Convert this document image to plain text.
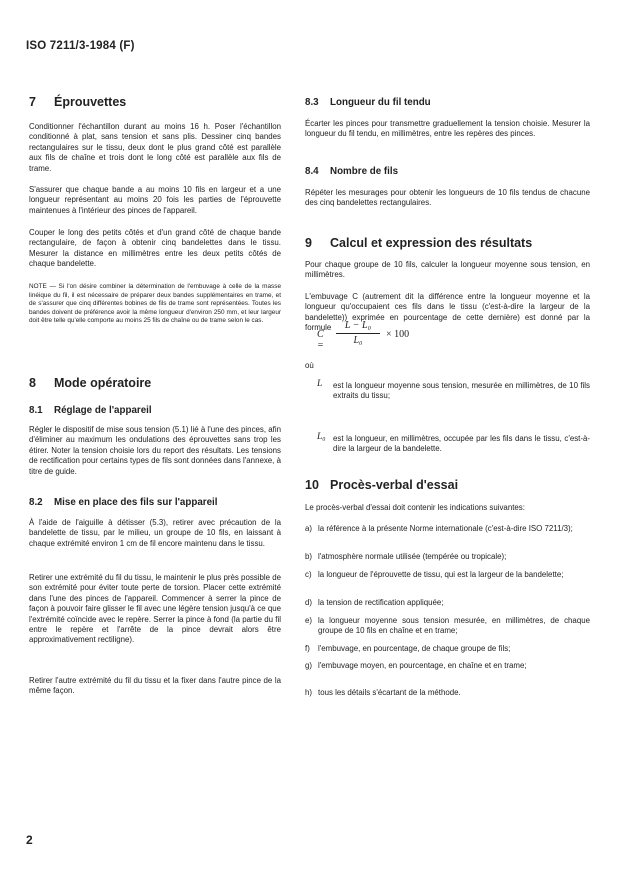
ISO 7211/3-1984 (F)
7 Éprouvettes

Conditionner l'échantillon durant au moins 16 h. Poser l'échantillon conditionné à plat, sans tension et sans plis. Dessiner cinq bandes rectangulaires sur le tissu, deux dont le plus grand côté est parallèle aux fils de chaîne et trois dont le long côté est parallèle aux fils de trame.

S'assurer que chaque bande a au moins 10 fils en largeur et a une longueur représentant au moins 20 fois les parties de l'éprouvette maintenues à l'intérieur des pinces de l'appareil.

Couper le long des petits côtés et d'un grand côté de chaque bande rectangulaire, de façon à obtenir cinq bandelettes dans le tissu. Mesurer la distance en millimètres entre les deux petits côtés de chaque bandelette.

NOTE — Si l'on désire combiner la détermination de l'embuvage à celle de la masse linéique du fil, il est nécessaire de préparer deux bandes supplémentaires en trame, et de s'assurer que cinq différentes bobines de fils de trame sont représentées. Toutes les bandes doivent de préférence avoir la même longueur d'environ 250 mm, et leur largeur doit être telle qu'elle comporte au moins 25 fils de chaîne ou de trame selon le cas.

8 Mode opératoire
8.1 Réglage de l'appareil

Régler le dispositif de mise sous tension (5.1) lié à l'une des pinces, afin d'éliminer au maximum les ondulations des éprouvettes sans trop les étirer. Noter la tension choisie lors du report des résultats. Les tensions de rectification pour certains types de fils sont données dans l'annexe, à titre de guide.

8.2 Mise en place des fils sur l'appareil

À l'aide de l'aiguille à détisser (5.3), retirer avec précaution de la bandelette de tissu, par le milieu, un groupe de 10 fils, en laissant à chaque extrémité environ 1 cm de fil encore maintenu dans le tissu.

Retirer une extrémité du fil du tissu, le maintenir le plus près possible de son extrémité pour éviter toute perte de torsion. Placer cette extrémité dans l'une des pinces de l'appareil. Commencer à serrer la pince de façon à pouvoir faire glisser le fil avec une légère tension jusqu'à ce que l'extrémité coïncide avec le repère. Serrer la pince à fond (la partie du fil entre le repère et l'arrête de la pince devrait alors être approximativement rectiligne).

Retirer l'autre extrémité du fil du tissu et la fixer dans l'autre pince de la même façon.

8.3 Longueur du fil tendu

Écarter les pinces pour transmettre graduellement la tension choisie. Mesurer la longueur du fil tendu, en millimètres, entre les repères des pinces.

8.4 Nombre de fils

Répéter les mesurages pour obtenir les longueurs de 10 fils tendus de chacune des cinq bandelettes rectangulaires.

9 Calcul et expression des résultats

Pour chaque groupe de 10 fils, calculer la longueur moyenne sous tension, en millimètres.

L'embuvage C (autrement dit la différence entre la longueur moyenne et la longueur qu'occupaient ces fils dans le tissu (c'est-à-dire la largeur de la bandelette)) exprimée en pourcentage de cette dernière) est donné par la formule

C =
L − L₀
L₀
× 100
où
L est la longueur moyenne sous tension, mesurée en millimètres, de 10 fils extraits du tissu;

L₀ est la longueur, en millimètres, occupée par les fils dans le tissu, c'est-à-dire la largeur de la bandelette.

10 Procès-verbal d'essai

Le procès-verbal d'essai doit contenir les indications suivantes:

a) la référence à la présente Norme internationale (c'est-à-dire ISO 7211/3);
b) l'atmosphère normale utilisée (tempérée ou tropicale);
c) la longueur de l'éprouvette de tissu, qui est la largeur de la bandelette;
d) la tension de rectification appliquée;
e) la longueur moyenne sous tension mesurée, en millimètres, de chaque groupe de 10 fils en chaîne et en trame;
f) l'embuvage, en pourcentage, de chaque groupe de fils;
g) l'embuvage moyen, en pourcentage, en chaîne et en trame;
h) tous les détails s'écartant de la méthode.
2
